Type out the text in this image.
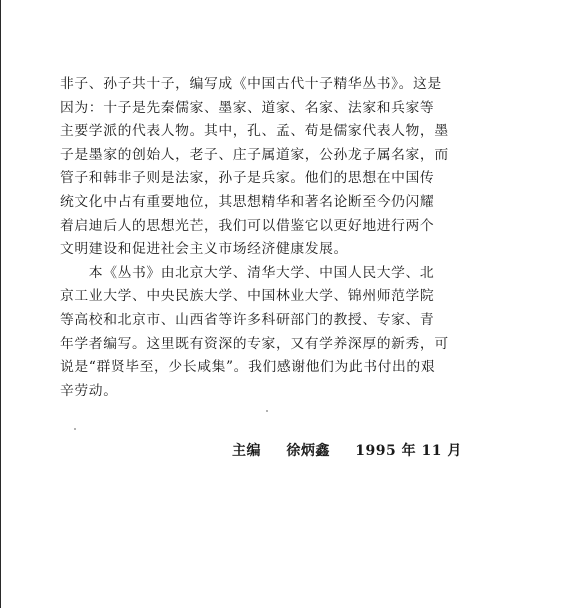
非子、孙子共十子，编写成《中国古代十子精华丛书》。这是
因为：十子是先秦儒家、墨家、道家、名家、法家和兵家等
主要学派的代表人物。其中，孔、孟、荀是儒家代表人物，墨
子是墨家的创始人，老子、庄子属道家，公孙龙子属名家，而
管子和韩非子则是法家，孙子是兵家。他们的思想在中国传
统文化中占有重要地位，其思想精华和著名论断至今仍闪耀
着启迪后人的思想光芒，我们可以借鉴它以更好地进行两个
文明建设和促进社会主义市场经济健康发展。
　　本《丛书》由北京大学、清华大学、中国人民大学、北
京工业大学、中央民族大学、中国林业大学、锦州师范学院
等高校和北京市、山西省等许多科研部门的教授、专家、青
年学者编写。这里既有资深的专家，又有学养深厚的新秀，可
说是“群贤毕至，少长咸集”。我们感谢他们为此书付出的艰
辛劳动。
主编 徐炳鑫 1995 年 11 月
